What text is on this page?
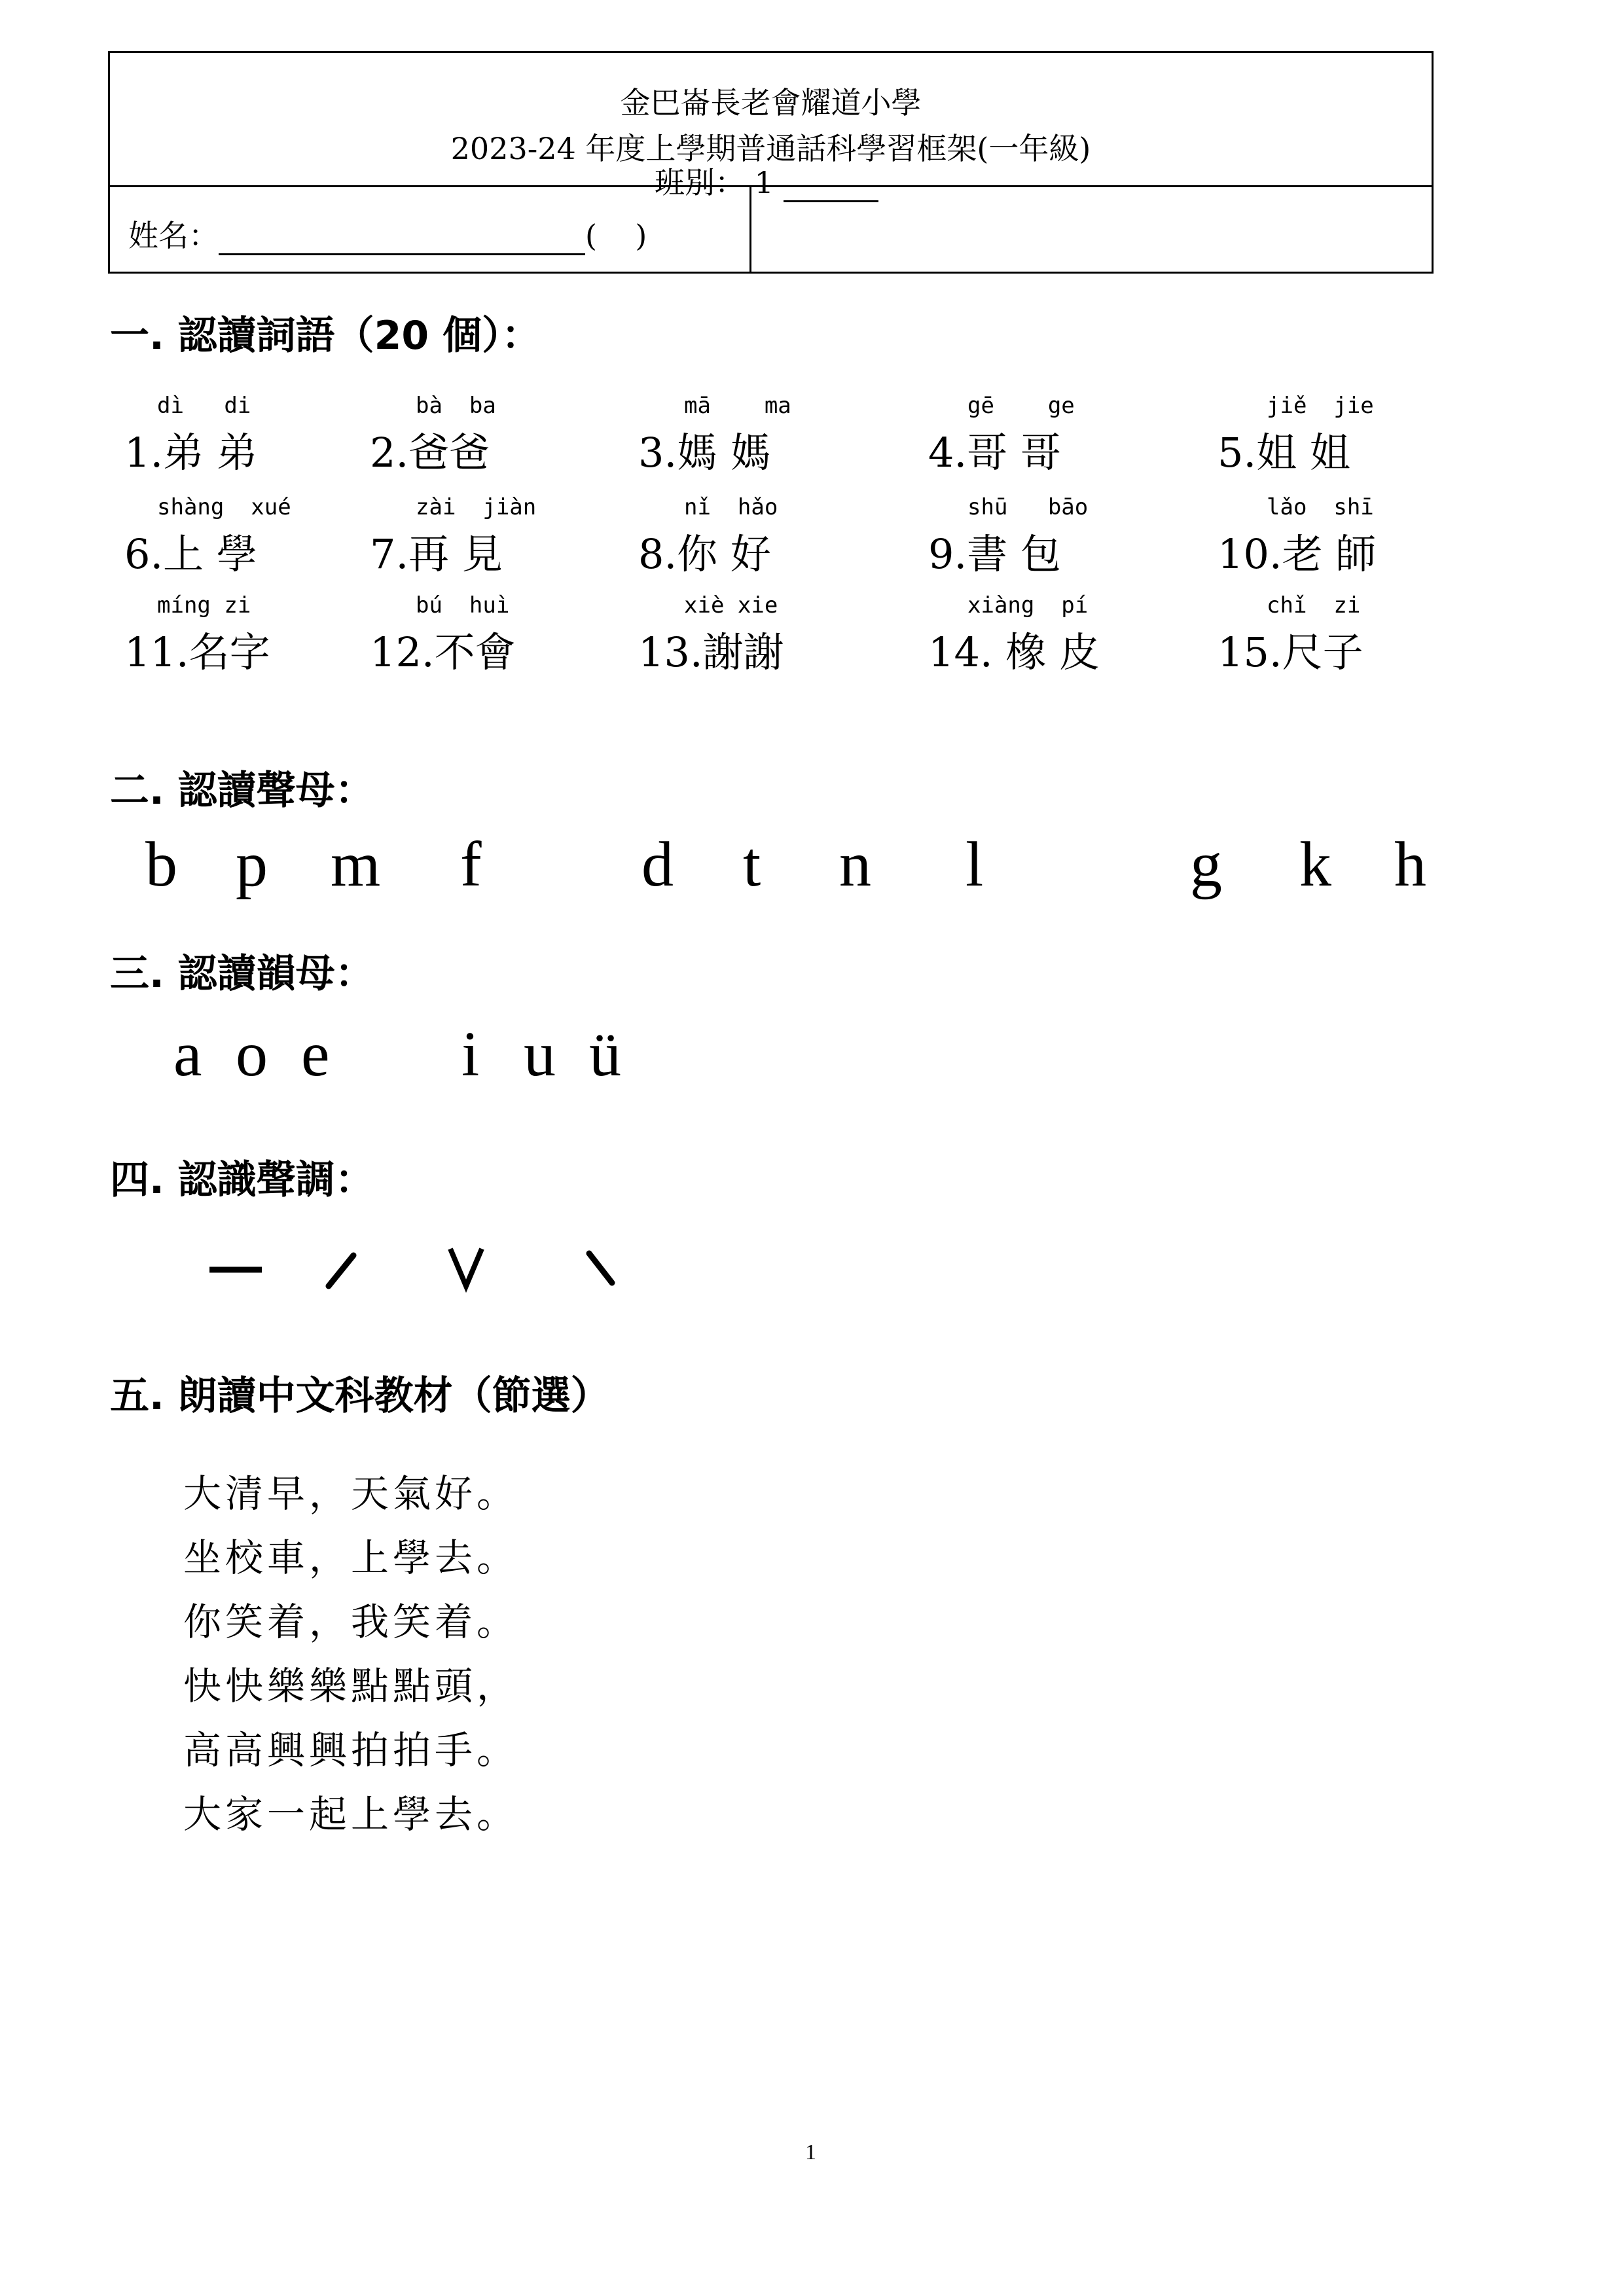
金巴崙長老會耀道小學
2023-24 年度上學期普通話科學習框架(一年級)
姓名：	(    )
班別： 1
一. 認讀詞語（20 個）：
dì   di
1.弟 弟
bà  ba
2.爸爸
mā    ma
3.媽 媽
gē    ge
4.哥 哥
jiě  jie
5.姐 姐
shàng  xué
6.上 學
zài  jiàn
7.再 見
nǐ  hǎo
8.你 好
shū   bāo
9.書 包
lǎo  shī
10.老 師
míng zi
11.名字
bú  huì
12.不會
xiè xie
13.謝謝
xiàng  pí
14. 橡 皮
chǐ  zi
15.尺子
二. 認讀聲母：
b p m f d t n l	g k h
三. 認讀韻母：
a o e i u ü
四. 認識聲調：
五. 朗讀中文科教材（節選）
大清早，天氣好。
坐校車，上學去。
你笑着，我笑着。
快快樂樂點點頭，
高高興興拍拍手。
大家一起上學去。
1
